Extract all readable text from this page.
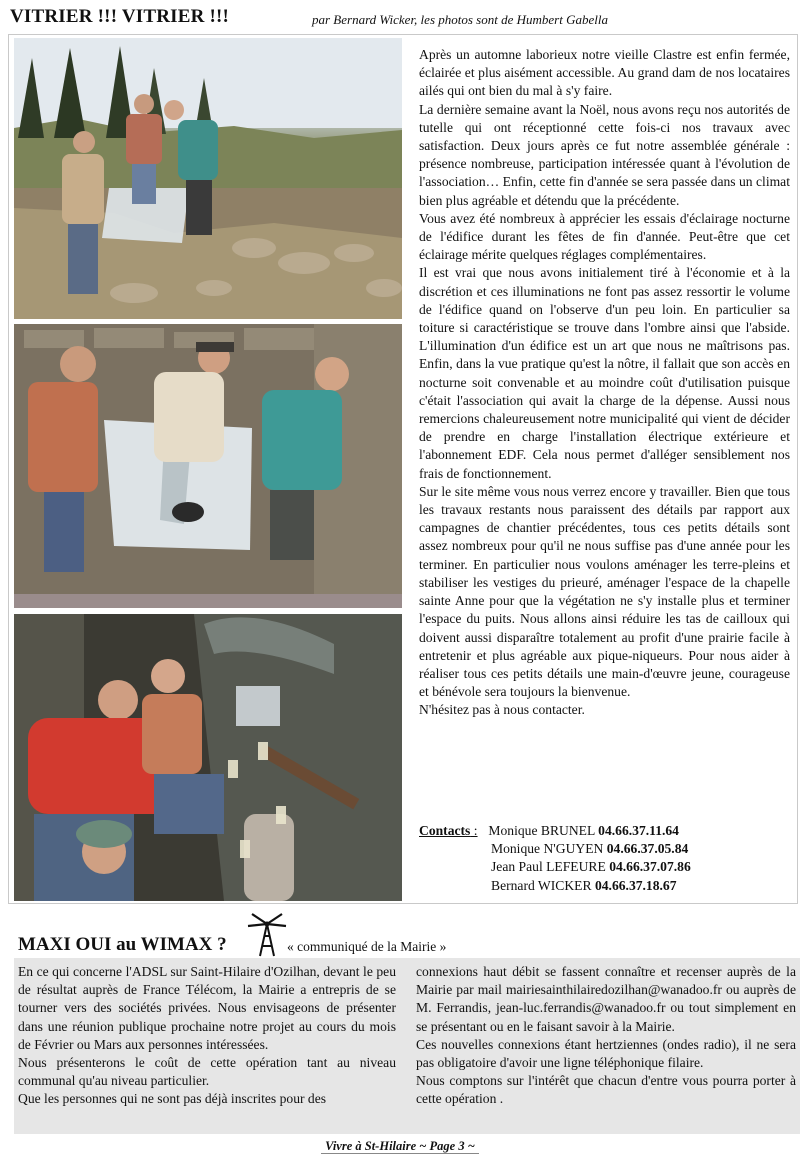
VITRIER !!! VITRIER !!!	par Bernard Wicker, les photos sont de Humbert Gabella

Après un automne laborieux notre vieille Clastre est enfin fermée, éclairée et plus aisément accessible. Au grand dam de nos locataires ailés qui ont bien du mal à s'y faire.

La dernière semaine avant la Noël, nous avons reçu nos autorités de tutelle qui ont réceptionné cette fois-ci nos travaux avec satisfaction. Deux jours après ce fut notre assemblée générale : présence nombreuse, participation intéressée quant à l'évolution de l'association… Enfin, cette fin d'année se sera passée dans un climat bien plus agréable et détendu que la précédente.

Vous avez été nombreux à apprécier les essais d'éclairage nocturne de l'édifice durant les fêtes de fin d'année. Peut-être que cet éclairage mérite quelques réglages complémentaires.

Il est vrai que nous avons initialement tiré à l'économie et à la discrétion et ces illuminations ne font pas assez ressortir le volume de l'édifice quand on l'observe d'un peu loin. En particulier sa toiture si caractéristique se trouve dans l'ombre ainsi que l'abside. L'illumination d'un édifice est un art que nous ne maîtrisons pas. Enfin, dans la vue pratique qu'est la nôtre, il fallait que son accès en nocturne soit convenable et au moindre coût d'utilisation puisque c'était l'association qui avait la charge de la dépense. Aussi nous remercions chaleureusement notre municipalité qui vient de décider de prendre en charge l'installation électrique extérieure et l'abonnement EDF. Cela nous permet d'alléger sensiblement nos frais de fonctionnement.

Sur le site même vous nous verrez encore y travailler. Bien que tous les travaux restants nous paraissent des détails par rapport aux campagnes de chantier précédentes, tous ces petits détails sont assez nombreux pour qu'il ne nous suffise pas d'une année pour les terminer. En particulier nous voulons aménager les terre-pleins et stabiliser les vestiges du prieuré, aménager l'espace de la chapelle sainte Anne pour que la végétation ne s'y installe plus et terminer l'espace du puits. Nous allons ainsi réduire les tas de cailloux qui doivent aussi disparaître totalement au profit d'une prairie facile à entretenir et plus agréable aux pique-niqueurs. Pour nous aider à réaliser tous ces petits détails une main-d'œuvre jeune, courageuse et bénévole sera toujours la bienvenue.

N'hésitez pas à nous contacter.

Contacts : Monique BRUNEL 04.66.37.11.64
Monique N'GUYEN 04.66.37.05.84
Jean Paul LEFEURE 04.66.37.07.86
Bernard WICKER 04.66.37.18.67
MAXI OUI au WIMAX ?	« communiqué de la Mairie »

En ce qui concerne l'ADSL sur Saint-Hilaire d'Ozilhan, devant le peu de résultat auprès de France Télécom, la Mairie a entrepris de se tourner vers des sociétés privées. Nous envisageons de présenter dans une réunion publique prochaine notre projet au cours du mois de Février ou Mars aux personnes intéressées.

Nous présenterons le coût de cette opération tant au niveau communal qu'au niveau particulier.

Que les personnes qui ne sont pas déjà inscrites pour des

connexions haut débit se fassent connaître et recenser auprès de la Mairie par mail mairiesainthilairedozilhan@wanadoo.fr ou auprès de M. Ferrandis, jean-luc.ferrandis@wanadoo.fr ou tout simplement en se présentant ou en le faisant savoir à la Mairie.

Ces nouvelles connexions étant hertziennes (ondes radio), il ne sera pas obligatoire d'avoir une ligne téléphonique filaire.

Nous comptons sur l'intérêt que chacun d'entre vous pourra porter à cette opération .

Vivre à St-Hilaire ~ Page 3 ~
